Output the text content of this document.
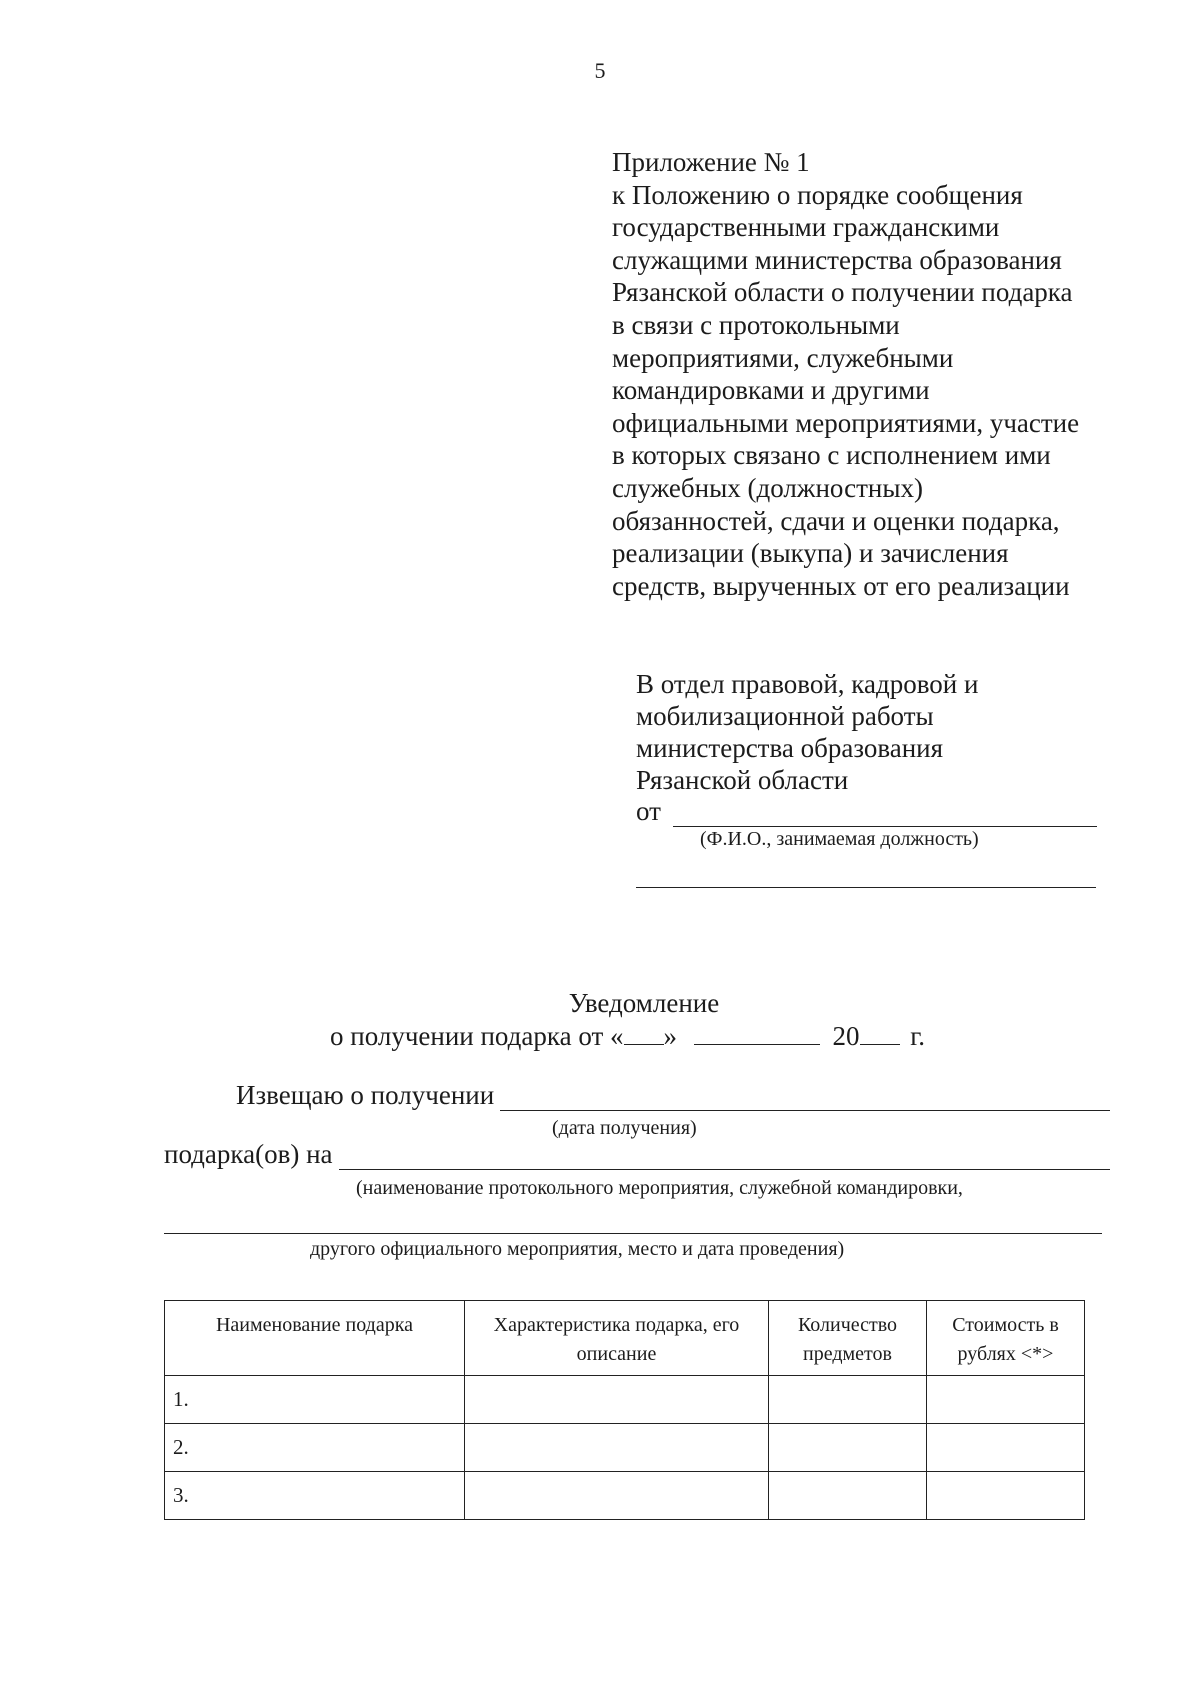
5
Приложение № 1
к Положению о порядке сообщения
государственными гражданскими
служащими министерства образования
Рязанской области о получении подарка
в связи с протокольными
мероприятиями, служебными
командировками и другими
официальными мероприятиями, участие
в которых связано с исполнением ими
служебных (должностных)
обязанностей, сдачи и оценки подарка,
реализации (выкупа) и зачисления
средств, вырученных от его реализации
В отдел правовой, кадровой и
мобилизационной работы
министерства образования
Рязанской области
от
(Ф.И.О., занимаемая должность)
Уведомление
о получении подарка от « »	20 г.
Извещаю о получении
(дата получения)
подарка(ов) на
(наименование протокольного мероприятия, служебной командировки,
другого официального мероприятия, место и дата проведения)
Наименование подарка	Характеристика подарка, его описание	Количество предметов	Стоимость в рублях <*>
1.			
2.			
3.			
